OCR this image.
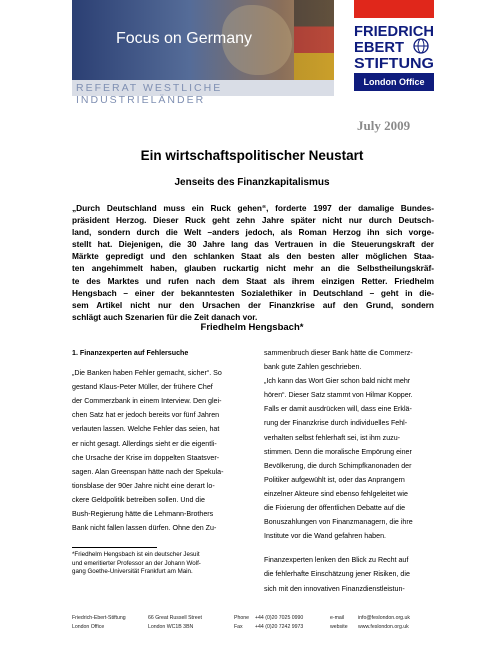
Focus on Germany
REFERAT WESTLICHE INDUSTRIELÄNDER
FRIEDRICH
EBERT
STIFTUNG
London Office
July 2009
Ein wirtschaftspolitischer Neustart
Jenseits des Finanzkapitalismus
„Durch Deutschland muss ein Ruck gehen“, forderte 1997 der damalige Bundes-
präsident Herzog. Dieser Ruck geht zehn Jahre später nicht nur durch Deutsch-
land, sondern durch die Welt –anders jedoch, als Roman Herzog ihn sich vorge-
stellt hat. Diejenigen, die 30 Jahre lang das Vertrauen in die Steuerungskraft der
Märkte gepredigt und den schlanken Staat als den besten aller möglichen Staa-
ten angehimmelt haben, glauben ruckartig nicht mehr an die Selbstheilungskräf-
te des Marktes und rufen nach dem Staat als ihrem einzigen Retter. Friedhelm
Hengsbach – einer der bekanntesten Sozialethiker in Deutschland – geht in die-
sem Artikel nicht nur den Ursachen der Finanzkrise auf den Grund, sondern
schlägt auch Szenarien für die Zeit danach vor.
Friedhelm Hengsbach*
1. Finanzexperten auf Fehlersuche
„Die Banken haben Fehler gemacht, sicher“. So
gestand Klaus-Peter Müller, der frühere Chef
der Commerzbank in einem Interview. Den glei-
chen Satz hat er jedoch bereits vor fünf Jahren
verlauten lassen. Welche Fehler das seien, hat
er nicht gesagt. Allerdings sieht er die eigentli-
che Ursache der Krise im doppelten Staatsver-
sagen. Alan Greenspan hätte nach der Spekula-
tionsblase der 90er Jahre nicht eine derart lo-
ckere Geldpolitik betreiben sollen. Und die
Bush-Regierung hätte die Lehmann-Brothers
Bank nicht fallen lassen dürfen. Ohne den Zu-
sammenbruch dieser Bank hätte die Commerz-
bank gute Zahlen geschrieben.
„Ich kann das Wort Gier schon bald nicht mehr
hören“. Dieser Satz stammt von Hilmar Kopper.
Falls er damit ausdrücken will, dass eine Erklä-
rung der Finanzkrise durch individuelles Fehl-
verhalten selbst fehlerhaft sei, ist ihm zuzu-
stimmen. Denn die moralische Empörung einer
Bevölkerung, die durch Schimpfkanonaden der
Politiker aufgewühlt ist, oder das Anprangern
einzelner Akteure sind ebenso fehlgeleitet wie
die Fixierung der öffentlichen Debatte auf die
Bonuszahlungen von Finanzmanagern, die ihre
Institute vor die Wand gefahren haben.
Finanzexperten lenken den Blick zu Recht auf
die fehlerhafte Einschätzung jener Risiken, die
sich mit den innovativen Finanzdienstleistun-
*Friedhelm Hengsbach ist ein deutscher Jesuit
und emeritierter Professor an der Johann Wolf-
gang Goethe-Universität Frankfurt am Main.
Friedrich-Ebert-Stiftung
London Office
66 Great Russell Street
London WC1B 3BN
Phone
Fax
+44 (0)20 7025 0990
+44 (0)20 7242 9973
e-mail
website
info@feslondon.org.uk
www.feslondon.org.uk
